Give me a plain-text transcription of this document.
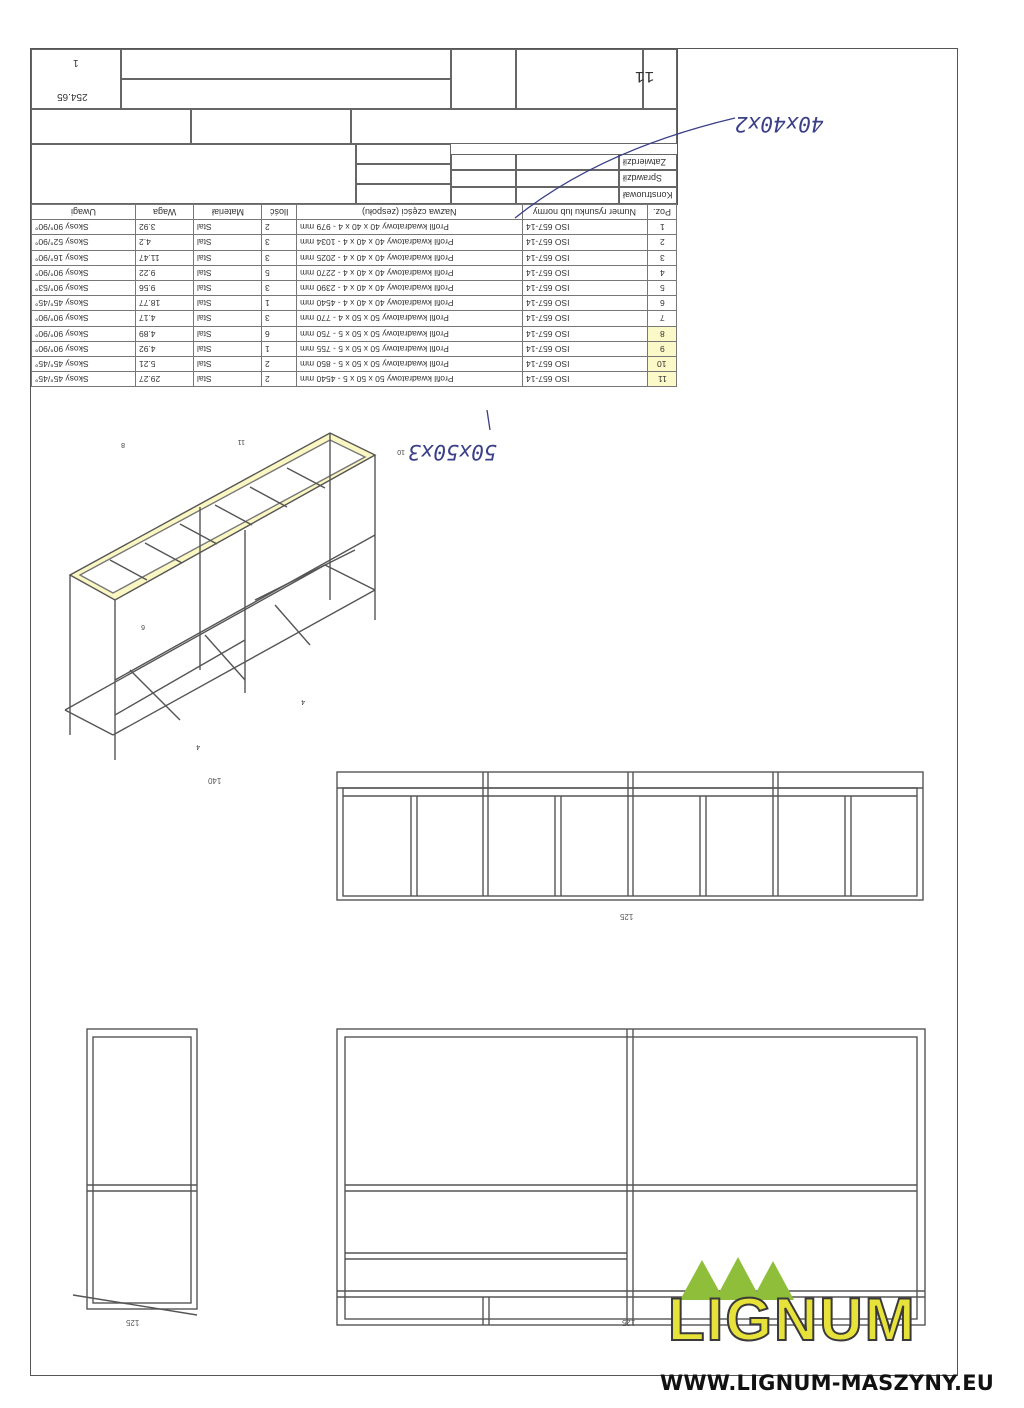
1
254.65
11
Zatwierdził
Sprawdził
Konstruował
Uwagi	Waga	Materiał	Ilość	Nazwa części (zespołu)	Numer rysunku lub normy	Poz.
Skosy 90°/90°	3.92	Stal	2	Profil kwadratowy 40 x 40 x 4 - 979 mm	ISO 657-14	1
Skosy 52°/90°	4.2	Stal	3	Profil kwadratowy 40 x 40 x 4 - 1034 mm	ISO 657-14	2
Skosy 16°/90°	11.47	Stal	3	Profil kwadratowy 40 x 40 x 4 - 2025 mm	ISO 657-14	3
Skosy 90°/90°	9.22	Stal	5	Profil kwadratowy 40 x 40 x 4 - 2270 mm	ISO 657-14	4
Skosy 90°/53°	9.56	Stal	3	Profil kwadratowy 40 x 40 x 4 - 2390 mm	ISO 657-14	5
Skosy 45°/45°	18.77	Stal	1	Profil kwadratowy 40 x 40 x 4 - 4540 mm	ISO 657-14	6
Skosy 90°/90°	4.17	Stal	3	Profil kwadratowy 50 x 50 x 4 - 770 mm	ISO 657-14	7
Skosy 90°/90°	4.89	Stal	6	Profil kwadratowy 50 x 50 x 5 - 750 mm	ISO 657-14	8
Skosy 90°/90°	4.92	Stal	1	Profil kwadratowy 50 x 50 x 5 - 755 mm	ISO 657-14	9
Skosy 45°/45°	5.21	Stal	2	Profil kwadratowy 50 x 50 x 5 - 850 mm	ISO 657-14	10
Skosy 45°/45°	29.27	Stal	2	Profil kwadratowy 50 x 50 x 5 - 4540 mm	ISO 657-14	11
40x40x2
50x50x3
6
8	11
10
4
4
140
125
125	125 LIGNUM
WWW.LIGNUM-MASZYNY.EU
